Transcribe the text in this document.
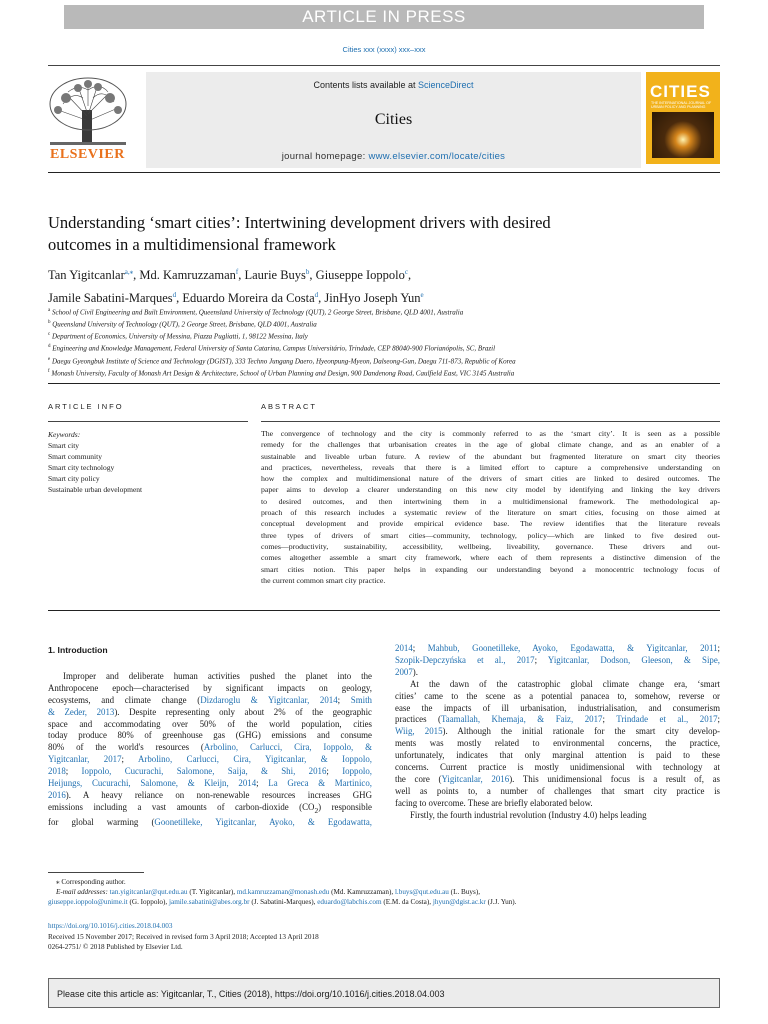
ARTICLE IN PRESS
Cities xxx (xxxx) xxx–xxx
ELSEVIER
Contents lists available at ScienceDirect
Cities
journal homepage: www.elsevier.com/locate/cities
CITIES
THE INTERNATIONAL JOURNAL OF URBAN POLICY AND PLANNING
Understanding ‘smart cities’: Intertwining development drivers with desired
outcomes in a multidimensional framework
Tan Yigitcanlar$^{a,⁎}$, Md. Kamruzzaman$^f$, Laurie Buys$^b$, Giuseppe Ioppolo$^c$,
Jamile Sabatini-Marques$^d$, Eduardo Moreira da Costa$^d$, JinHyo Joseph Yun$^e$
$^a$ School of Civil Engineering and Built Environment, Queensland University of Technology (QUT), 2 George Street, Brisbane, QLD 4001, Australia
$^b$ Queensland University of Technology (QUT), 2 George Street, Brisbane, QLD 4001, Australia
$^c$ Department of Economics, University of Messina, Piazza Pugliatti, 1, 98122 Messina, Italy
$^d$ Engineering and Knowledge Management, Federal University of Santa Catarina, Campus Universitário, Trindade, CEP 88040-900 Florianópolis, SC, Brazil
$^e$ Daegu Gyeongbuk Institute of Science and Technology (DGIST), 333 Techno Jungang Daero, Hyeonpung-Myeon, Dalseong-Gun, Daegu 711-873, Republic of Korea
$^f$ Monash University, Faculty of Monash Art Design & Architecture, School of Urban Planning and Design, 900 Dandenong Road, Caulfield East, VIC 3145 Australia
ARTICLE INFO
Keywords:
Smart city
Smart community
Smart city technology
Smart city policy
Sustainable urban development
ABSTRACT
The convergence of technology and the city is commonly referred to as the ‘smart city’. It is seen as a possible
remedy for the challenges that urbanisation creates in the age of global climate change, and as an enabler of a
sustainable and liveable urban future. A review of the abundant but fragmented literature on smart city theories
and practices, nevertheless, reveals that there is a limited effort to capture a comprehensive understanding on
how the complex and multidimensional nature of the drivers of smart cities are linked to desired outcomes. The
paper aims to develop a clearer understanding on this new city model by identifying and linking the key drivers
to desired outcomes, and then intertwining them in a multidimensional framework. The methodological ap-
proach of this research includes a systematic review of the literature on smart cities, focusing on those aimed at
conceptual development and provide empirical evidence base. The review identifies that the literature reveals
three types of drivers of smart cities—community, technology, policy—which are linked to five desired out-
comes—productivity, sustainability, accessibility, wellbeing, liveability, governance. These drivers and out-
comes altogether assemble a smart city framework, where each of them represents a distinctive dimension of the
smart cities notion. This paper helps in expanding our understanding beyond a monocentric technology focus of
the current common smart city practice.
1. Introduction
Improper and deliberate human activities pushed the planet into the
Anthropocene epoch—characterised by significant impacts on geology,
ecosystems, and climate change (Dizdaroglu & Yigitcanlar, 2014; Smith
& Zeder, 2013). Despite representing only about 2% of the geographic
space and accommodating over 50% of the world population, cities
today produce 80% of greenhouse gas (GHG) emissions and consume
80% of the world's resources (Arbolino, Carlucci, Cira, Ioppolo, &
Yigitcanlar, 2017; Arbolino, Carlucci, Cira, Yigitcanlar, & Ioppolo,
2018; Ioppolo, Cucurachi, Salomone, Saija, & Shi, 2016; Ioppolo,
Heijungs, Cucurachi, Salomone, & Kleijn, 2014; La Greca & Martinico,
2016). A heavy reliance on non-renewable resources increases GHG
emissions including a vast amounts of carbon-dioxide $(CO_2)$ responsible
for global warming (Goonetilleke, Yigitcanlar, Ayoko, & Egodawatta,
2014; Mahbub, Goonetilleke, Ayoko, Egodawatta, & Yigitcanlar, 2011;
Szopik-Depczyńska et al., 2017; Yigitcanlar, Dodson, Gleeson, & Sipe,
2007).
At the dawn of the catastrophic global climate change era, ‘smart
cities’ came to the scene as a potential panacea to, somehow, reverse or
ease the impacts of ill urbanisation, industrialisation, and consumerism
practices (Taamallah, Khemaja, & Faiz, 2017; Trindade et al., 2017;
Wiig, 2015). Although the initial rationale for the smart city develop-
ments was mostly related to environmental concerns, the practice,
unfortunately, indicates that only marginal attention is paid to these
concerns. Current practice is mostly unidimensional with technology at
the core (Yigitcanlar, 2016). This unidimensional focus is a result of, as
well as points to, a number of challenges that smart city practice is
facing to overcome. These are briefly elaborated below.
Firstly, the fourth industrial revolution (Industry 4.0) helps leading
⁎ Corresponding author.
E-mail addresses: tan.yigitcanlar@qut.edu.au (T. Yigitcanlar), md.kamruzzaman@monash.edu (Md. Kamruzzaman), l.buys@qut.edu.au (L. Buys),
giuseppe.ioppolo@unime.it (G. Ioppolo), jamile.sabatini@abes.org.br (J. Sabatini-Marques), eduardo@labchis.com (E.M. da Costa), jhyun@dgist.ac.kr (J.J. Yun).
https://doi.org/10.1016/j.cities.2018.04.003
Received 15 November 2017; Received in revised form 3 April 2018; Accepted 13 April 2018
0264-2751/ © 2018 Published by Elsevier Ltd.
Please cite this article as: Yigitcanlar, T., Cities (2018), https://doi.org/10.1016/j.cities.2018.04.003
